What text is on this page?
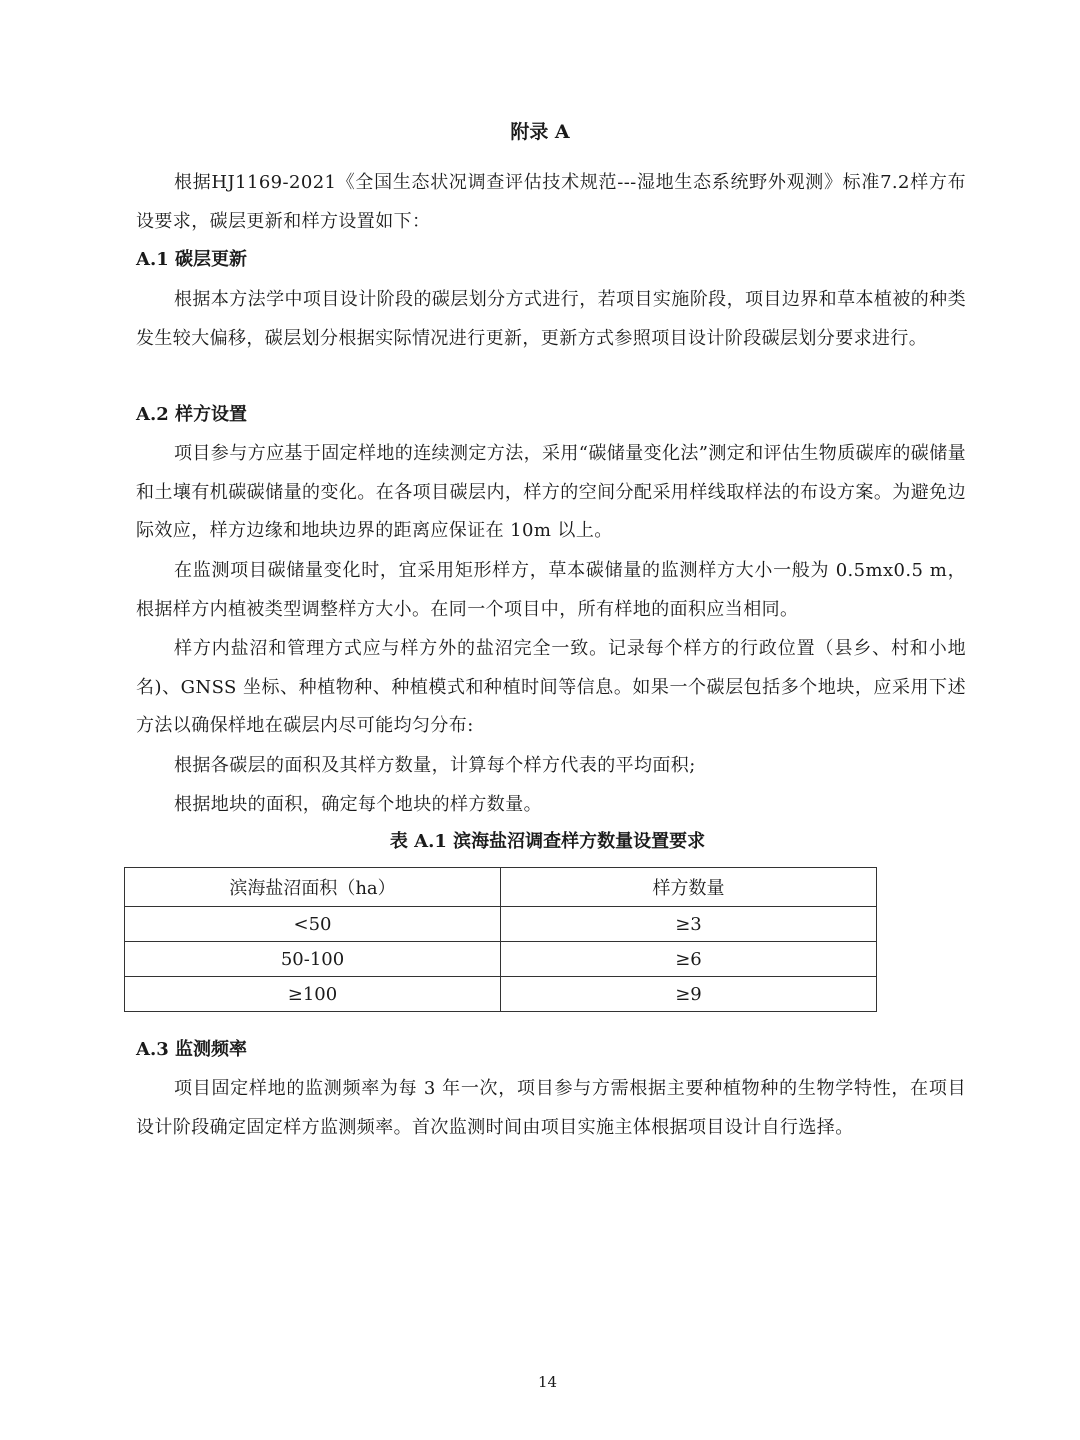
附录 A

根据HJ1169-2021《全国生态状况调查评估技术规范---湿地生态系统野外观测》标准7.2样方布设要求，碳层更新和样方设置如下：

A.1 碳层更新

根据本方法学中项目设计阶段的碳层划分方式进行，若项目实施阶段，项目边界和草本植被的种类发生较大偏移，碳层划分根据实际情况进行更新，更新方式参照项目设计阶段碳层划分要求进行。

A.2 样方设置

项目参与方应基于固定样地的连续测定方法，采用“碳储量变化法”测定和评估生物质碳库的碳储量和土壤有机碳碳储量的变化。在各项目碳层内，样方的空间分配采用样线取样法的布设方案。为避免边际效应，样方边缘和地块边界的距离应保证在 10m 以上。

在监测项目碳储量变化时，宜采用矩形样方，草本碳储量的监测样方大小一般为 0.5mx0.5 m，根据样方内植被类型调整样方大小。在同一个项目中，所有样地的面积应当相同。

样方内盐沼和管理方式应与样方外的盐沼完全一致。记录每个样方的行政位置（县乡、村和小地名)、GNSS 坐标、种植物种、种植模式和种植时间等信息。如果一个碳层包括多个地块，应采用下述方法以确保样地在碳层内尽可能均匀分布:

根据各碳层的面积及其样方数量，计算每个样方代表的平均面积;

根据地块的面积，确定每个地块的样方数量。

表 A.1 滨海盐沼调查样方数量设置要求
滨海盐沼面积（ha）	样方数量
<50	≥3
50-100	≥6
≥100	≥9
A.3 监测频率

项目固定样地的监测频率为每 3 年一次，项目参与方需根据主要种植物种的生物学特性，在项目设计阶段确定固定样方监测频率。首次监测时间由项目实施主体根据项目设计自行选择。

14
